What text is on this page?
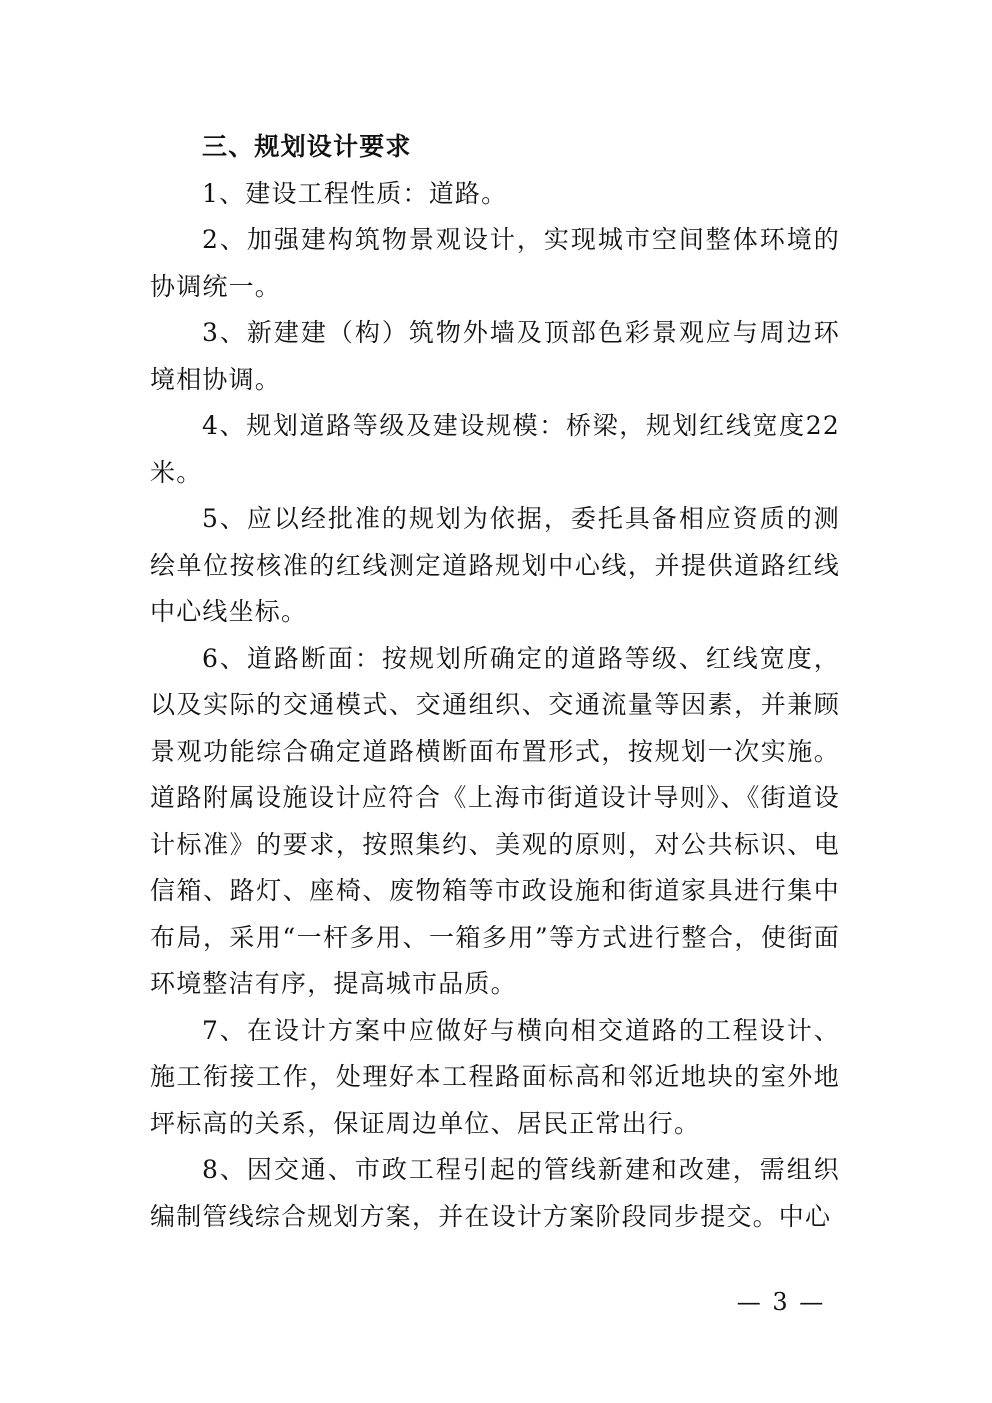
三、规划设计要求

1、建设工程性质：道路。

2、加强建构筑物景观设计，实现城市空间整体环境的协调统一。

3、新建建（构）筑物外墙及顶部色彩景观应与周边环境相协调。

4、规划道路等级及建设规模：桥梁，规划红线宽度22米。

5、应以经批准的规划为依据，委托具备相应资质的测绘单位按核准的红线测定道路规划中心线，并提供道路红线中心线坐标。

6、道路断面：按规划所确定的道路等级、红线宽度，以及实际的交通模式、交通组织、交通流量等因素，并兼顾景观功能综合确定道路横断面布置形式，按规划一次实施。道路附属设施设计应符合《上海市街道设计导则》、《街道设计标准》的要求，按照集约、美观的原则，对公共标识、电信箱、路灯、座椅、废物箱等市政设施和街道家具进行集中布局，采用“一杆多用、一箱多用”等方式进行整合，使街面环境整洁有序，提高城市品质。

7、在设计方案中应做好与横向相交道路的工程设计、施工衔接工作，处理好本工程路面标高和邻近地块的室外地坪标高的关系，保证周边单位、居民正常出行。

8、因交通、市政工程引起的管线新建和改建，需组织编制管线综合规划方案，并在设计方案阶段同步提交。中心

— 3 —
